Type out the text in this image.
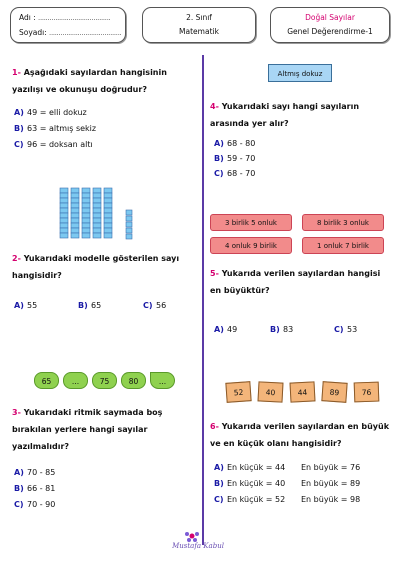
Adı : ......................................
Soyadı: ......................................
2. Sınıf
Matematik
Doğal Sayılar
Genel Değerendirme-1
1- Aşağıdaki sayılardan hangisinin
yazılışı ve okunuşu doğrudur?
A) 49 = elli dokuz
B) 63 = altmış sekiz
C) 96 = doksan altı
2- Yukarıdaki modelle gösterilen sayı
hangisidir?
A) 55	B) 65	C) 56
65	...	75	80	...
3- Yukarıdaki ritmik saymada boş
bırakılan yerlere hangi sayılar
yazılmalıdır?
A) 70 - 85
B) 66 - 81
C) 70 - 90
Altmış dokuz
4- Yukarıdaki sayı hangi sayıların
arasında yer alır?
A) 68 - 80
B) 59 - 70
C) 68 - 70
3 birlik 5 onluk	8 birlik 3 onluk
4 onluk 9 birlik	1 onluk 7 birlik
5- Yukarıda verilen sayılardan hangisi
en büyüktür?
A) 49	B) 83	C) 53
52	40	44	89	76
6- Yukarıda verilen sayılardan en büyük
ve en küçük olanı hangisidir?
A) En küçük = 44 En büyük = 76
B) En küçük = 40 En büyük = 89
C) En küçük = 52 En büyük = 98
Mustafa Kabul
